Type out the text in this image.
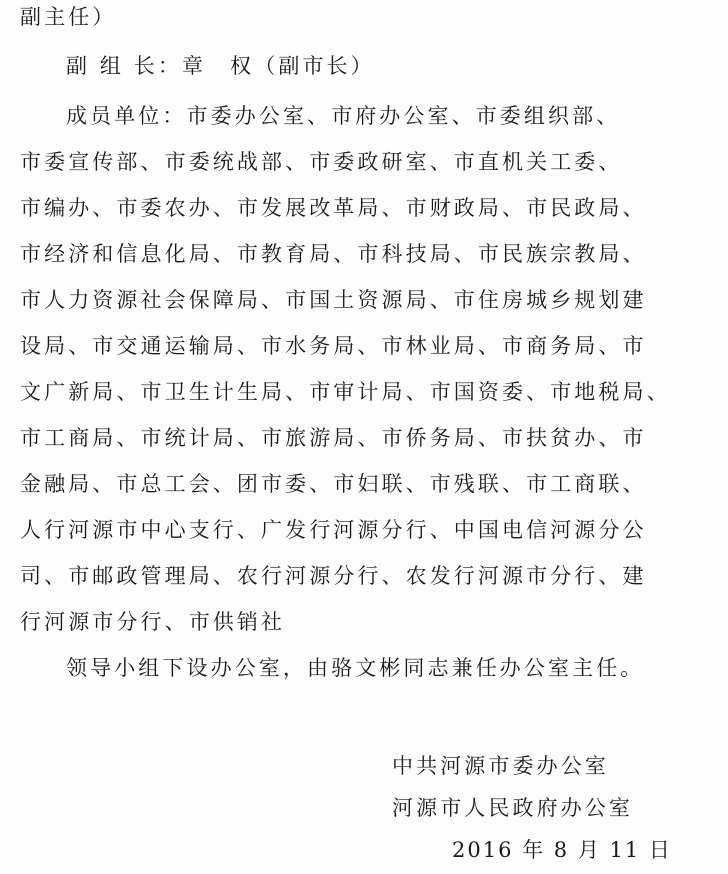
副主任）
副 组 长：章　权（副市长）
成员单位：市委办公室、市府办公室、市委组织部、
市委宣传部、市委统战部、市委政研室、市直机关工委、
市编办、市委农办、市发展改革局、市财政局、市民政局、
市经济和信息化局、市教育局、市科技局、市民族宗教局、
市人力资源社会保障局、市国土资源局、市住房城乡规划建
设局、市交通运输局、市水务局、市林业局、市商务局、市
文广新局、市卫生计生局、市审计局、市国资委、市地税局、
市工商局、市统计局、市旅游局、市侨务局、市扶贫办、市
金融局、市总工会、团市委、市妇联、市残联、市工商联、
人行河源市中心支行、广发行河源分行、中国电信河源分公
司、市邮政管理局、农行河源分行、农发行河源市分行、建
行河源市分行、市供销社
领导小组下设办公室，由骆文彬同志兼任办公室主任。
中共河源市委办公室
河源市人民政府办公室
2016 年 8 月 11 日
